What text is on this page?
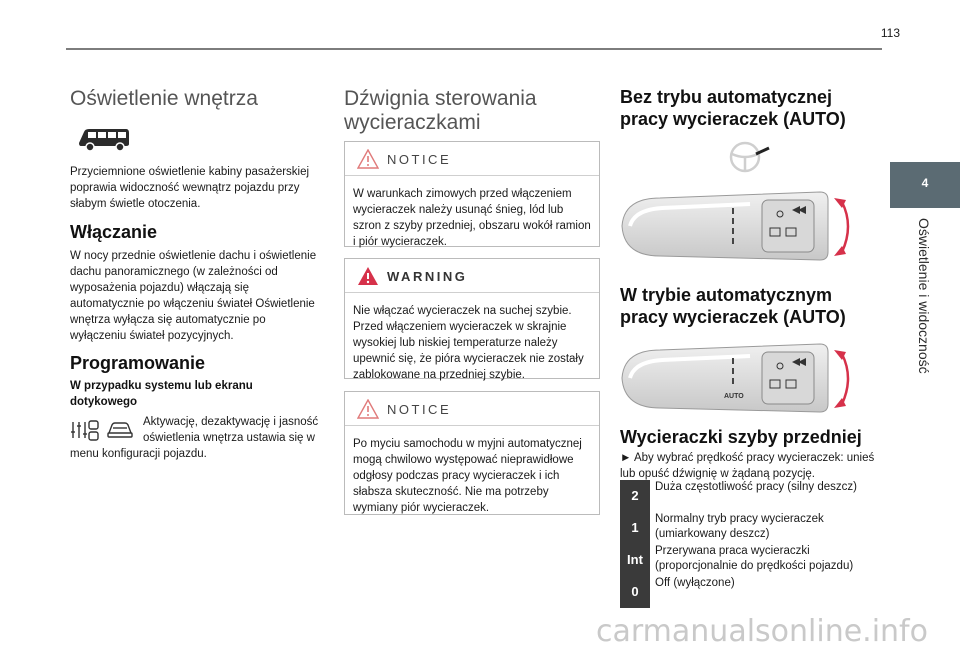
113
4
Oświetlenie i widoczność
Oświetlenie wnętrza
Przyciemnione oświetlenie kabiny pasażerskiej poprawia widoczność wewnątrz pojazdu przy słabym świetle otoczenia.
Włączanie
W nocy przednie oświetlenie dachu i oświetlenie dachu panoramicznego (w zależności od wyposażenia pojazdu) włączają się automatycznie po włączeniu świateł Oświetlenie wnętrza wyłącza się automatycznie po wyłączeniu świateł pozycyjnych.
Programowanie
W przypadku systemu lub ekranu dotykowego
Aktywację, dezaktywację i jasność oświetlenia wnętrza ustawia się w
menu konfiguracji pojazdu.
Dźwignia sterowania
wycieraczkami
NOTICE
W warunkach zimowych przed włączeniem wycieraczek należy usunąć śnieg, lód lub szron z szyby przedniej, obszaru wokół ramion i piór wycieraczek.
WARNING
Nie włączać wycieraczek na suchej szybie. Przed włączeniem wycieraczek w skrajnie wysokiej lub niskiej temperaturze należy upewnić się, że pióra wycieraczek nie zostały zablokowane na przedniej szybie.
NOTICE
Po myciu samochodu w myjni automatycznej mogą chwilowo występować nieprawidłowe odgłosy podczas pracy wycieraczek i ich słabsza skuteczność. Nie ma potrzeby wymiany piór wycieraczek.
Bez trybu automatycznej
pracy wycieraczek (AUTO)
W trybie automatycznym
pracy wycieraczek (AUTO)
AUTO
Wycieraczki szyby przedniej
► Aby wybrać prędkość pracy wycieraczek: unieś lub opuść dźwignię w żądaną pozycję.
2
Duża częstotliwość pracy (silny deszcz)
1
Normalny tryb pracy wycieraczek (umiarkowany deszcz)
Int
Przerywana praca wycieraczki (proporcjonalnie do prędkości pojazdu)
0
Off (wyłączone)
carmanualsonline.info
